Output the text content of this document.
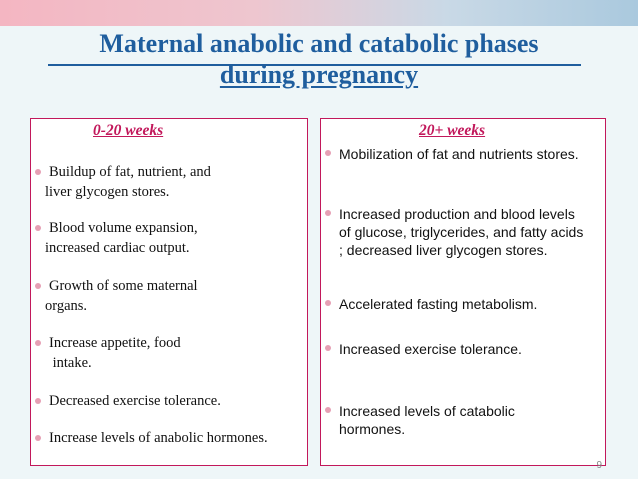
Maternal anabolic and catabolic phases
during pregnancy
0-20 weeks
Buildup of fat, nutrient, and
liver glycogen stores.
Blood volume expansion,
increased cardiac output.
Growth of some maternal
organs.
Increase appetite, food
intake.
Decreased exercise tolerance.
Increase levels of anabolic hormones.
20+ weeks
Mobilization of fat and nutrients stores.
Increased production and blood levels of glucose, triglycerides, and fatty acids ; decreased liver glycogen stores.
Accelerated fasting metabolism.
Increased exercise tolerance.
Increased levels of catabolic hormones.
9
